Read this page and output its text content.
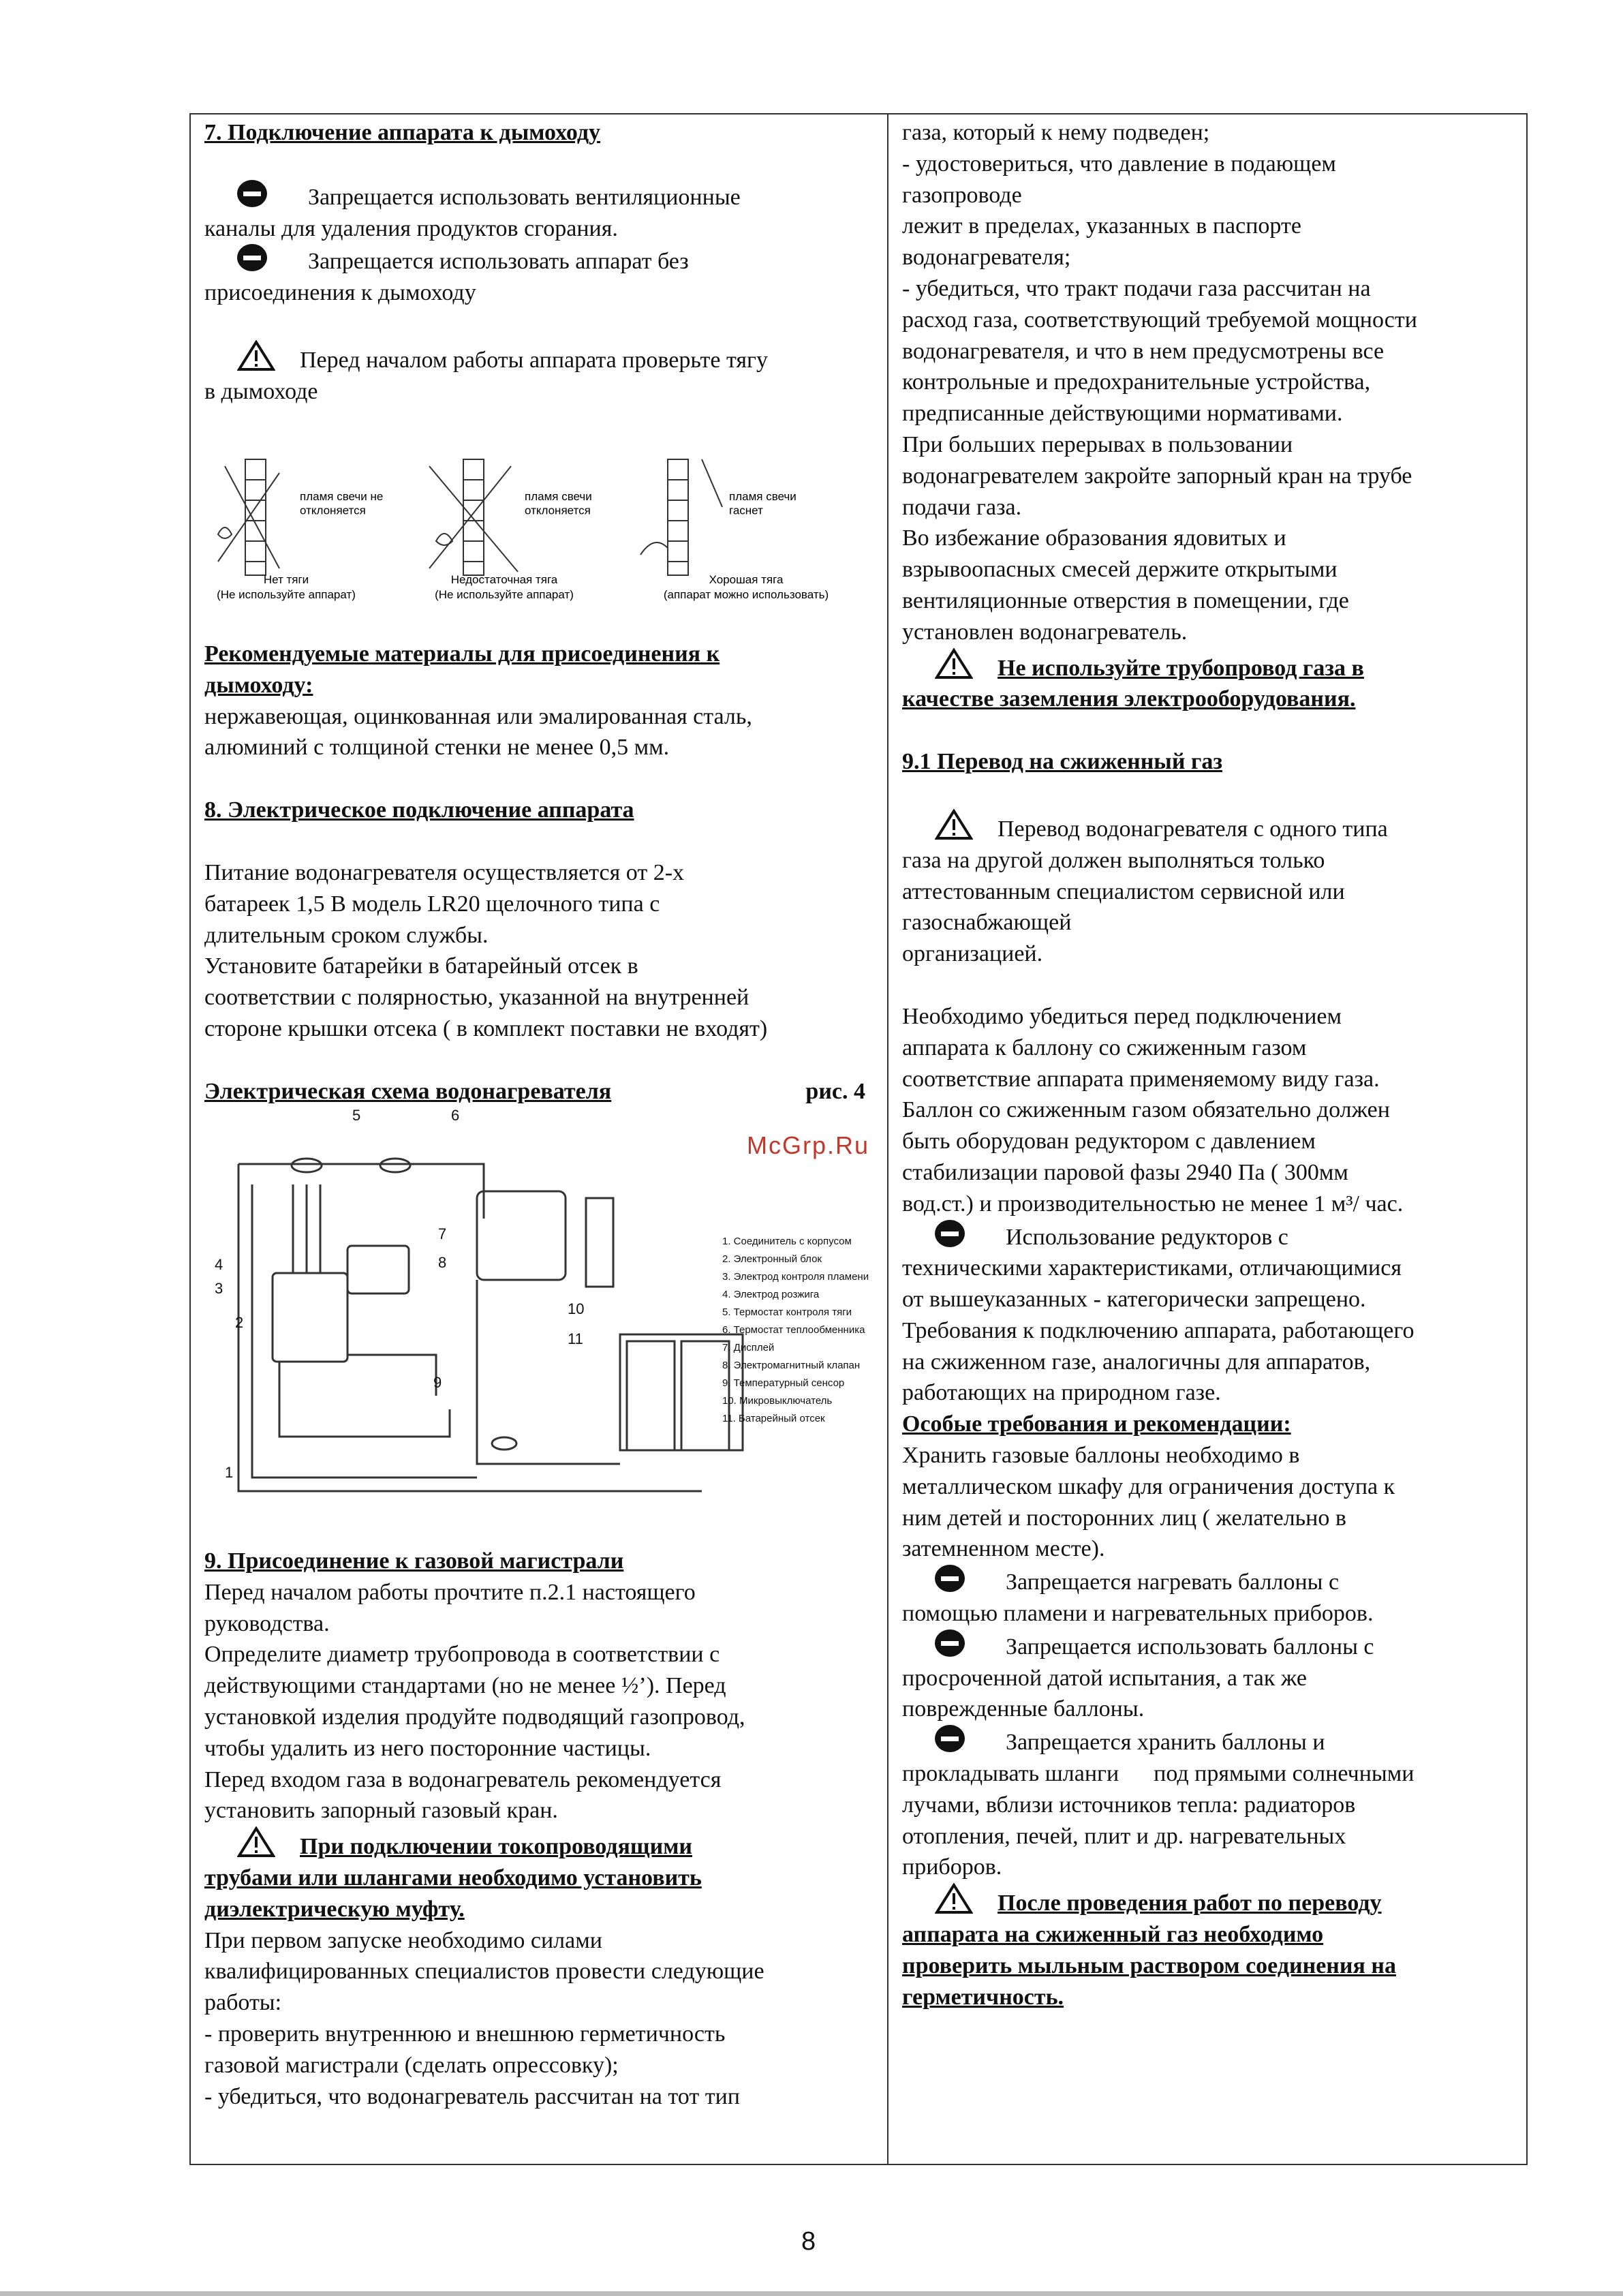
7. Подключение аппарата к дымоходу

Запрещается использовать вентиляционные

каналы для удаления продуктов сгорания.

Запрещается использовать аппарат без

присоединения к дымоходу

Перед началом работы аппарата проверьте тягу

в дымоходе

пламя свечи не отклоняется
Нет тяги
(Не используйте аппарат)
пламя свечи отклоняется
Недостаточная тяга
(Не используйте аппарат)
пламя свечи гаснет
Хорошая тяга
(аппарат можно использовать)

Рекомендуемые материалы для присоединения к

дымоходу:

нержавеющая, оцинкованная или эмалированная сталь,

алюминий с толщиной стенки не менее 0,5 мм.

8. Электрическое подключение аппарата

Питание водонагревателя осуществляется от 2-х

батареек 1,5 В модель LR20 щелочного типа с

длительным сроком службы.

Установите батарейки в батарейный отсек в

соответствии с полярностью, указанной на внутренней

стороне крышки отсека ( в комплект поставки не входят)

Электрическая схема водонагревателя	рис. 4

1
2
3
4
5	6
7
8
9
10
11
1. Соединитель с корпусом
2. Электронный блок
3. Электрод контроля пламени
4. Электрод розжига
5. Термостат контроля тяги
6. Термостат теплообменника
7. Дисплей
8. Электромагнитный клапан
9. Температурный сенсор
10. Микровыключатель
11. Батарейный отсек
McGrp.Ru

9. Присоединение к газовой магистрали

Перед началом работы прочтите п.2.1 настоящего

руководства.

Определите диаметр трубопровода в соответствии с

действующими стандартами (но не менее ½’). Перед

установкой изделия продуйте подводящий газопровод,

чтобы удалить из него посторонние частицы.

Перед входом газа в водонагреватель рекомендуется

установить запорный газовый кран.

При подключении токопроводящими

трубами или шлангами необходимо установить

диэлектрическую муфту.

При первом запуске необходимо силами

квалифицированных специалистов провести следующие

работы:

- проверить внутреннюю и внешнюю герметичность

газовой магистрали (сделать опрессовку);

- убедиться, что водонагреватель рассчитан на тот тип

газа, который к нему подведен;

- удостовериться, что давление в подающем

газопроводе

лежит в пределах, указанных в паспорте

водонагревателя;

- убедиться, что тракт подачи газа рассчитан на

расход газа, соответствующий требуемой мощности

водонагревателя, и что в нем предусмотрены все

контрольные и предохранительные устройства,

предписанные действующими нормативами.

При больших перерывах в пользовании

водонагревателем закройте запорный кран на трубе

подачи газа.

Во избежание образования ядовитых и

взрывоопасных смесей держите открытыми

вентиляционные отверстия в помещении, где

установлен водонагреватель.

Не используйте трубопровод газа в

качестве заземления электрооборудования.

9.1 Перевод на сжиженный газ

Перевод водонагревателя с одного типа

газа на другой должен выполняться только

аттестованным специалистом сервисной или

газоснабжающей

организацией.

Необходимо убедиться перед подключением

аппарата к баллону со сжиженным газом

соответствие аппарата применяемому виду газа.

Баллон со сжиженным газом обязательно должен

быть оборудован редуктором с давлением

стабилизации паровой фазы 2940 Па ( 300мм

вод.ст.) и производительностью не менее 1 м³/ час.

Использование редукторов с

техническими характеристиками, отличающимися

от вышеуказанных - категорически запрещено.

Требования к подключению аппарата, работающего

на сжиженном газе, аналогичны для аппаратов,

работающих на природном газе.

Особые требования и рекомендации:

Хранить газовые баллоны необходимо в

металлическом шкафу для ограничения доступа к

ним детей и посторонних лиц ( желательно в

затемненном месте).

Запрещается нагревать баллоны с

помощью пламени и нагревательных приборов.

Запрещается использовать баллоны с

просроченной датой испытания, а так же

поврежденные баллоны.

Запрещается хранить баллоны и

прокладывать шланги      под прямыми солнечными

лучами, вблизи источников тепла: радиаторов

отопления, печей, плит и др. нагревательных

приборов.

После проведения работ по переводу

аппарата на сжиженный газ необходимо

проверить мыльным раствором соединения на

герметичность.

8
